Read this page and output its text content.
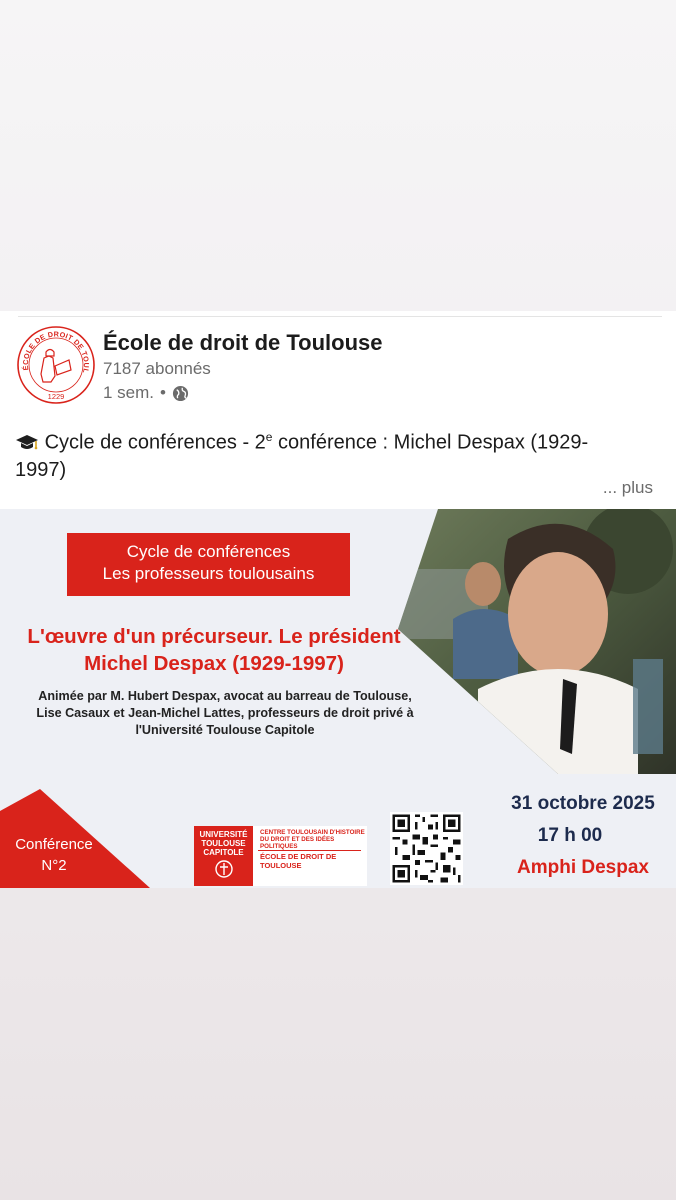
ÉCOLE DE DROIT DE TOUL
1229
École de droit de Toulouse
7187 abonnés
1 sem. •
Cycle de conférences - 2e conférence : Michel Despax (1929-1997)
... plus
Cycle de conférences
Les professeurs toulousains
L'œuvre d'un précurseur. Le président
Michel Despax (1929-1997)
Animée par M. Hubert Despax, avocat au barreau de Toulouse,
Lise Casaux et Jean-Michel Lattes, professeurs de droit privé à
l'Université Toulouse Capitole
Conférence
N°2
UNIVERSITÉ TOULOUSE CAPITOLE
CENTRE TOULOUSAIN D'HISTOIRE DU DROIT ET DES IDÉES POLITIQUES
ÉCOLE DE DROIT DE TOULOUSE
31 octobre 2025
17 h 00
Amphi Despax
